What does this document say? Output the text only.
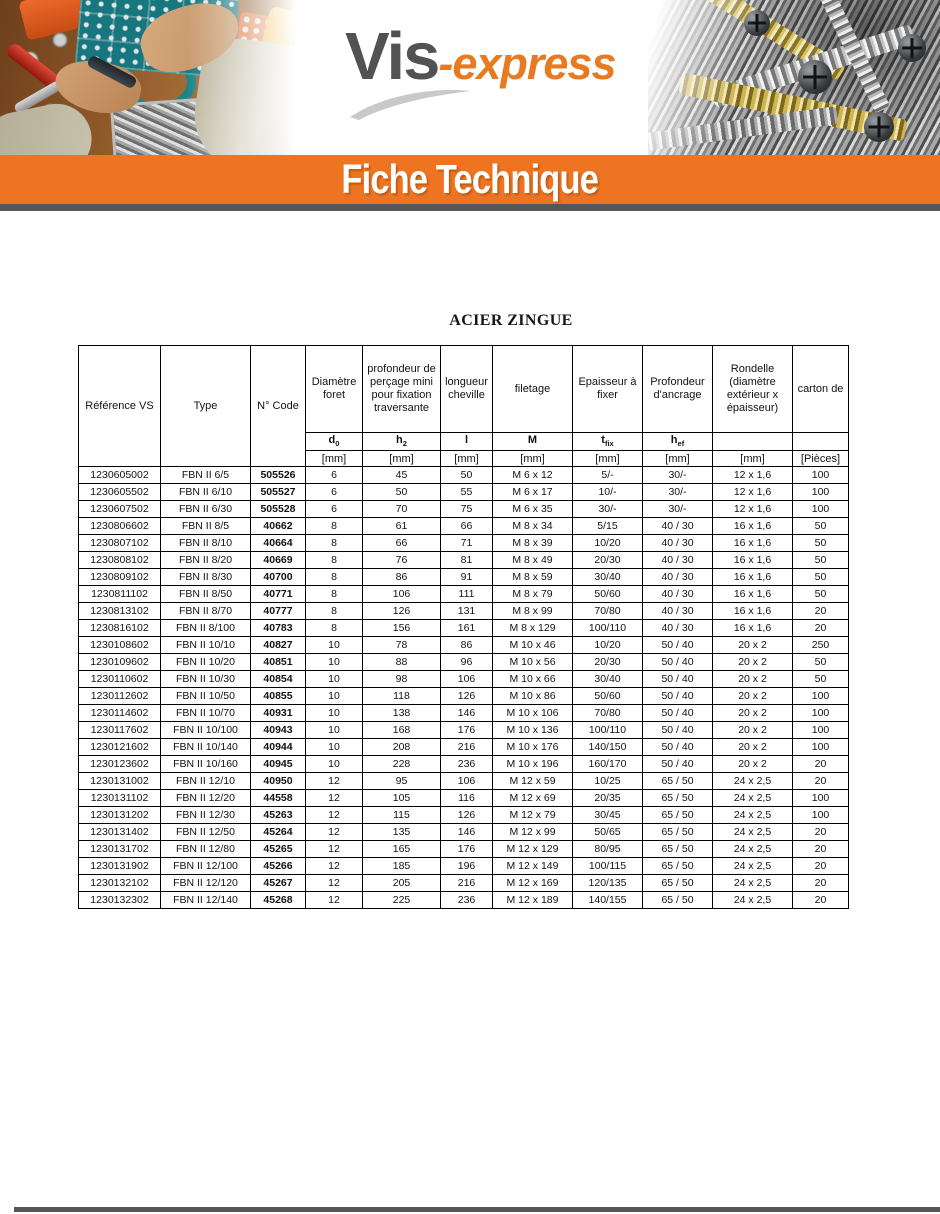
Vis-express
Fiche Technique
ACIER ZINGUE
Référence VS	Type	N° Code	Diamètre foret	profondeur de perçage mini pour fixation traversante	longueur cheville	filetage	Epaisseur à fixer	Profondeur d'ancrage	Rondelle (diamètre extérieur x épaisseur)	carton de
			$d_0$	$h_2$	l	M	$t_{fix}$	$h_{ef}$		
			[mm]	[mm]	[mm]	[mm]	[mm]	[mm]	[mm]	[Pièces]
1230605002	FBN II 6/5	505526	6	45	50	M 6 x 12	5/-	30/-	12 x 1,6	100
1230605502	FBN II 6/10	505527	6	50	55	M 6 x 17	10/-	30/-	12 x 1,6	100
1230607502	FBN II 6/30	505528	6	70	75	M 6 x 35	30/-	30/-	12 x 1,6	100
1230806602	FBN II 8/5	40662	8	61	66	M 8 x 34	5/15	40 / 30	16 x 1,6	50
1230807102	FBN II 8/10	40664	8	66	71	M 8 x 39	10/20	40 / 30	16 x 1,6	50
1230808102	FBN II 8/20	40669	8	76	81	M 8 x 49	20/30	40 / 30	16 x 1,6	50
1230809102	FBN II 8/30	40700	8	86	91	M 8 x 59	30/40	40 / 30	16 x 1,6	50
1230811102	FBN II 8/50	40771	8	106	111	M 8 x 79	50/60	40 / 30	16 x 1,6	50
1230813102	FBN II 8/70	40777	8	126	131	M 8 x 99	70/80	40 / 30	16 x 1,6	20
1230816102	FBN II 8/100	40783	8	156	161	M 8 x 129	100/110	40 / 30	16 x 1,6	20
1230108602	FBN II 10/10	40827	10	78	86	M 10 x 46	10/20	50 / 40	20 x 2	250
1230109602	FBN II 10/20	40851	10	88	96	M 10 x 56	20/30	50 / 40	20 x 2	50
1230110602	FBN II 10/30	40854	10	98	106	M 10 x 66	30/40	50 / 40	20 x 2	50
1230112602	FBN II 10/50	40855	10	118	126	M 10 x 86	50/60	50 / 40	20 x 2	100
1230114602	FBN II 10/70	40931	10	138	146	M 10 x 106	70/80	50 / 40	20 x 2	100
1230117602	FBN II 10/100	40943	10	168	176	M 10 x 136	100/110	50 / 40	20 x 2	100
1230121602	FBN II 10/140	40944	10	208	216	M 10 x 176	140/150	50 / 40	20 x 2	100
1230123602	FBN II 10/160	40945	10	228	236	M 10 x 196	160/170	50 / 40	20 x 2	20
1230131002	FBN II 12/10	40950	12	95	106	M 12 x 59	10/25	65 / 50	24 x 2,5	20
1230131102	FBN II 12/20	44558	12	105	116	M 12 x 69	20/35	65 / 50	24 x 2,5	100
1230131202	FBN II 12/30	45263	12	115	126	M 12 x 79	30/45	65 / 50	24 x 2,5	100
1230131402	FBN II 12/50	45264	12	135	146	M 12 x 99	50/65	65 / 50	24 x 2,5	20
1230131702	FBN II 12/80	45265	12	165	176	M 12 x 129	80/95	65 / 50	24 x 2,5	20
1230131902	FBN II 12/100	45266	12	185	196	M 12 x 149	100/115	65 / 50	24 x 2,5	20
1230132102	FBN II 12/120	45267	12	205	216	M 12 x 169	120/135	65 / 50	24 x 2,5	20
1230132302	FBN II 12/140	45268	12	225	236	M 12 x 189	140/155	65 / 50	24 x 2,5	20
